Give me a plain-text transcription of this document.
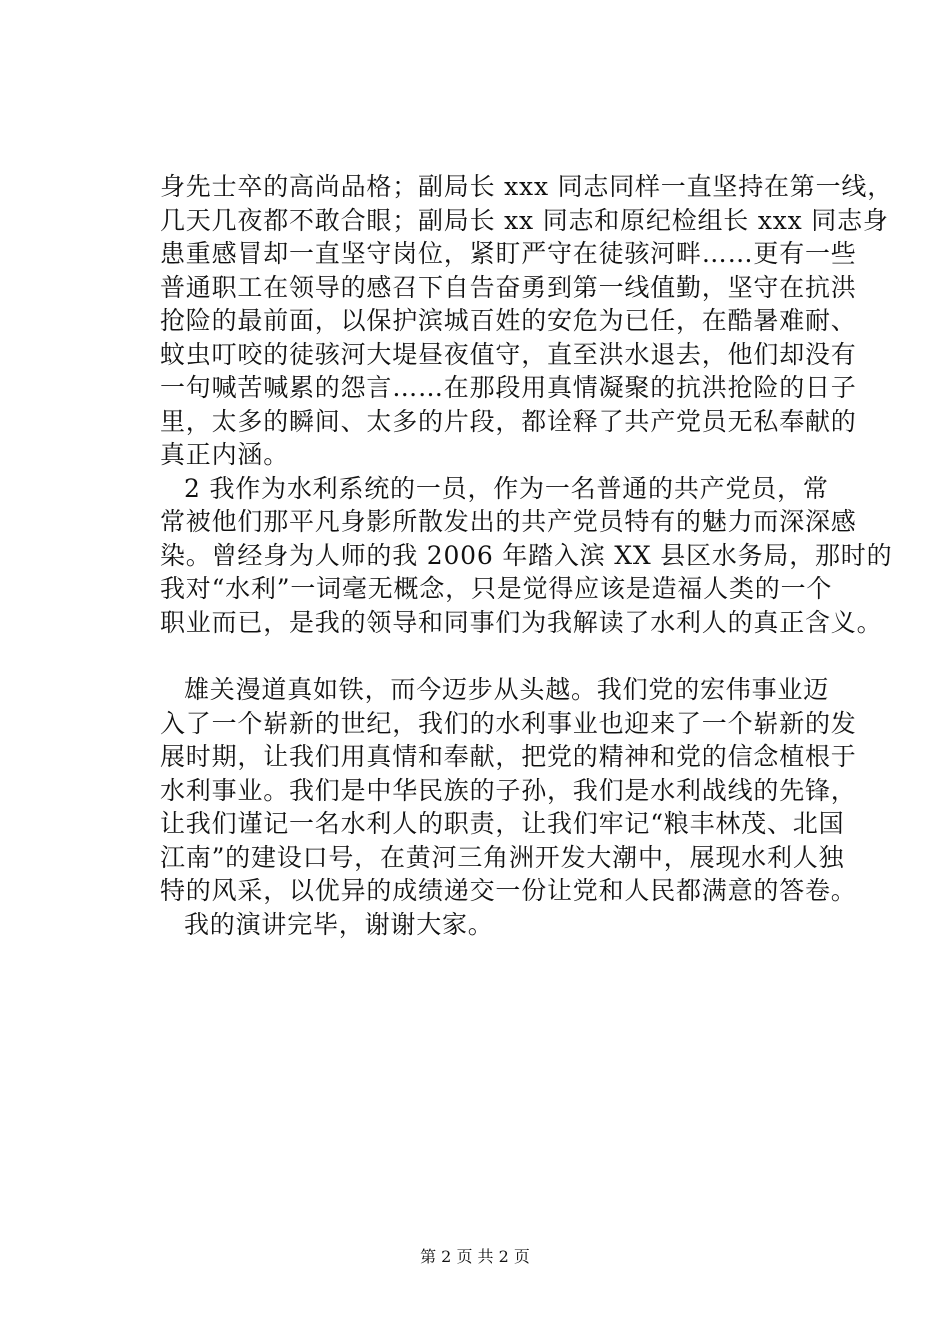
身先士卒的高尚品格；副局长 xxx 同志同样一直坚持在第一线，
几天几夜都不敢合眼；副局长 xx 同志和原纪检组长 xxx 同志身
患重感冒却一直坚守岗位，紧盯严守在徒骇河畔……更有一些
普通职工在领导的感召下自告奋勇到第一线值勤，坚守在抗洪
抢险的最前面，以保护滨城百姓的安危为已任，在酷暑难耐、
蚊虫叮咬的徒骇河大堤昼夜值守，直至洪水退去，他们却没有
一句喊苦喊累的怨言……在那段用真情凝聚的抗洪抢险的日子
里，太多的瞬间、太多的片段，都诠释了共产党员无私奉献的
真正内涵。

2 我作为水利系统的一员，作为一名普通的共产党员，常
常被他们那平凡身影所散发出的共产党员特有的魅力而深深感
染。曾经身为人师的我 2006 年踏入滨 XX 县区水务局，那时的
我对“水利”一词毫无概念，只是觉得应该是造福人类的一个
职业而已，是我的领导和同事们为我解读了水利人的真正含义。

雄关漫道真如铁，而今迈步从头越。我们党的宏伟事业迈
入了一个崭新的世纪，我们的水利事业也迎来了一个崭新的发
展时期，让我们用真情和奉献，把党的精神和党的信念植根于
水利事业。我们是中华民族的子孙，我们是水利战线的先锋，
让我们谨记一名水利人的职责，让我们牢记“粮丰林茂、北国
江南”的建设口号，在黄河三角洲开发大潮中，展现水利人独
特的风采，以优异的成绩递交一份让党和人民都满意的答卷。

我的演讲完毕，谢谢大家。

第 2 页 共 2 页
